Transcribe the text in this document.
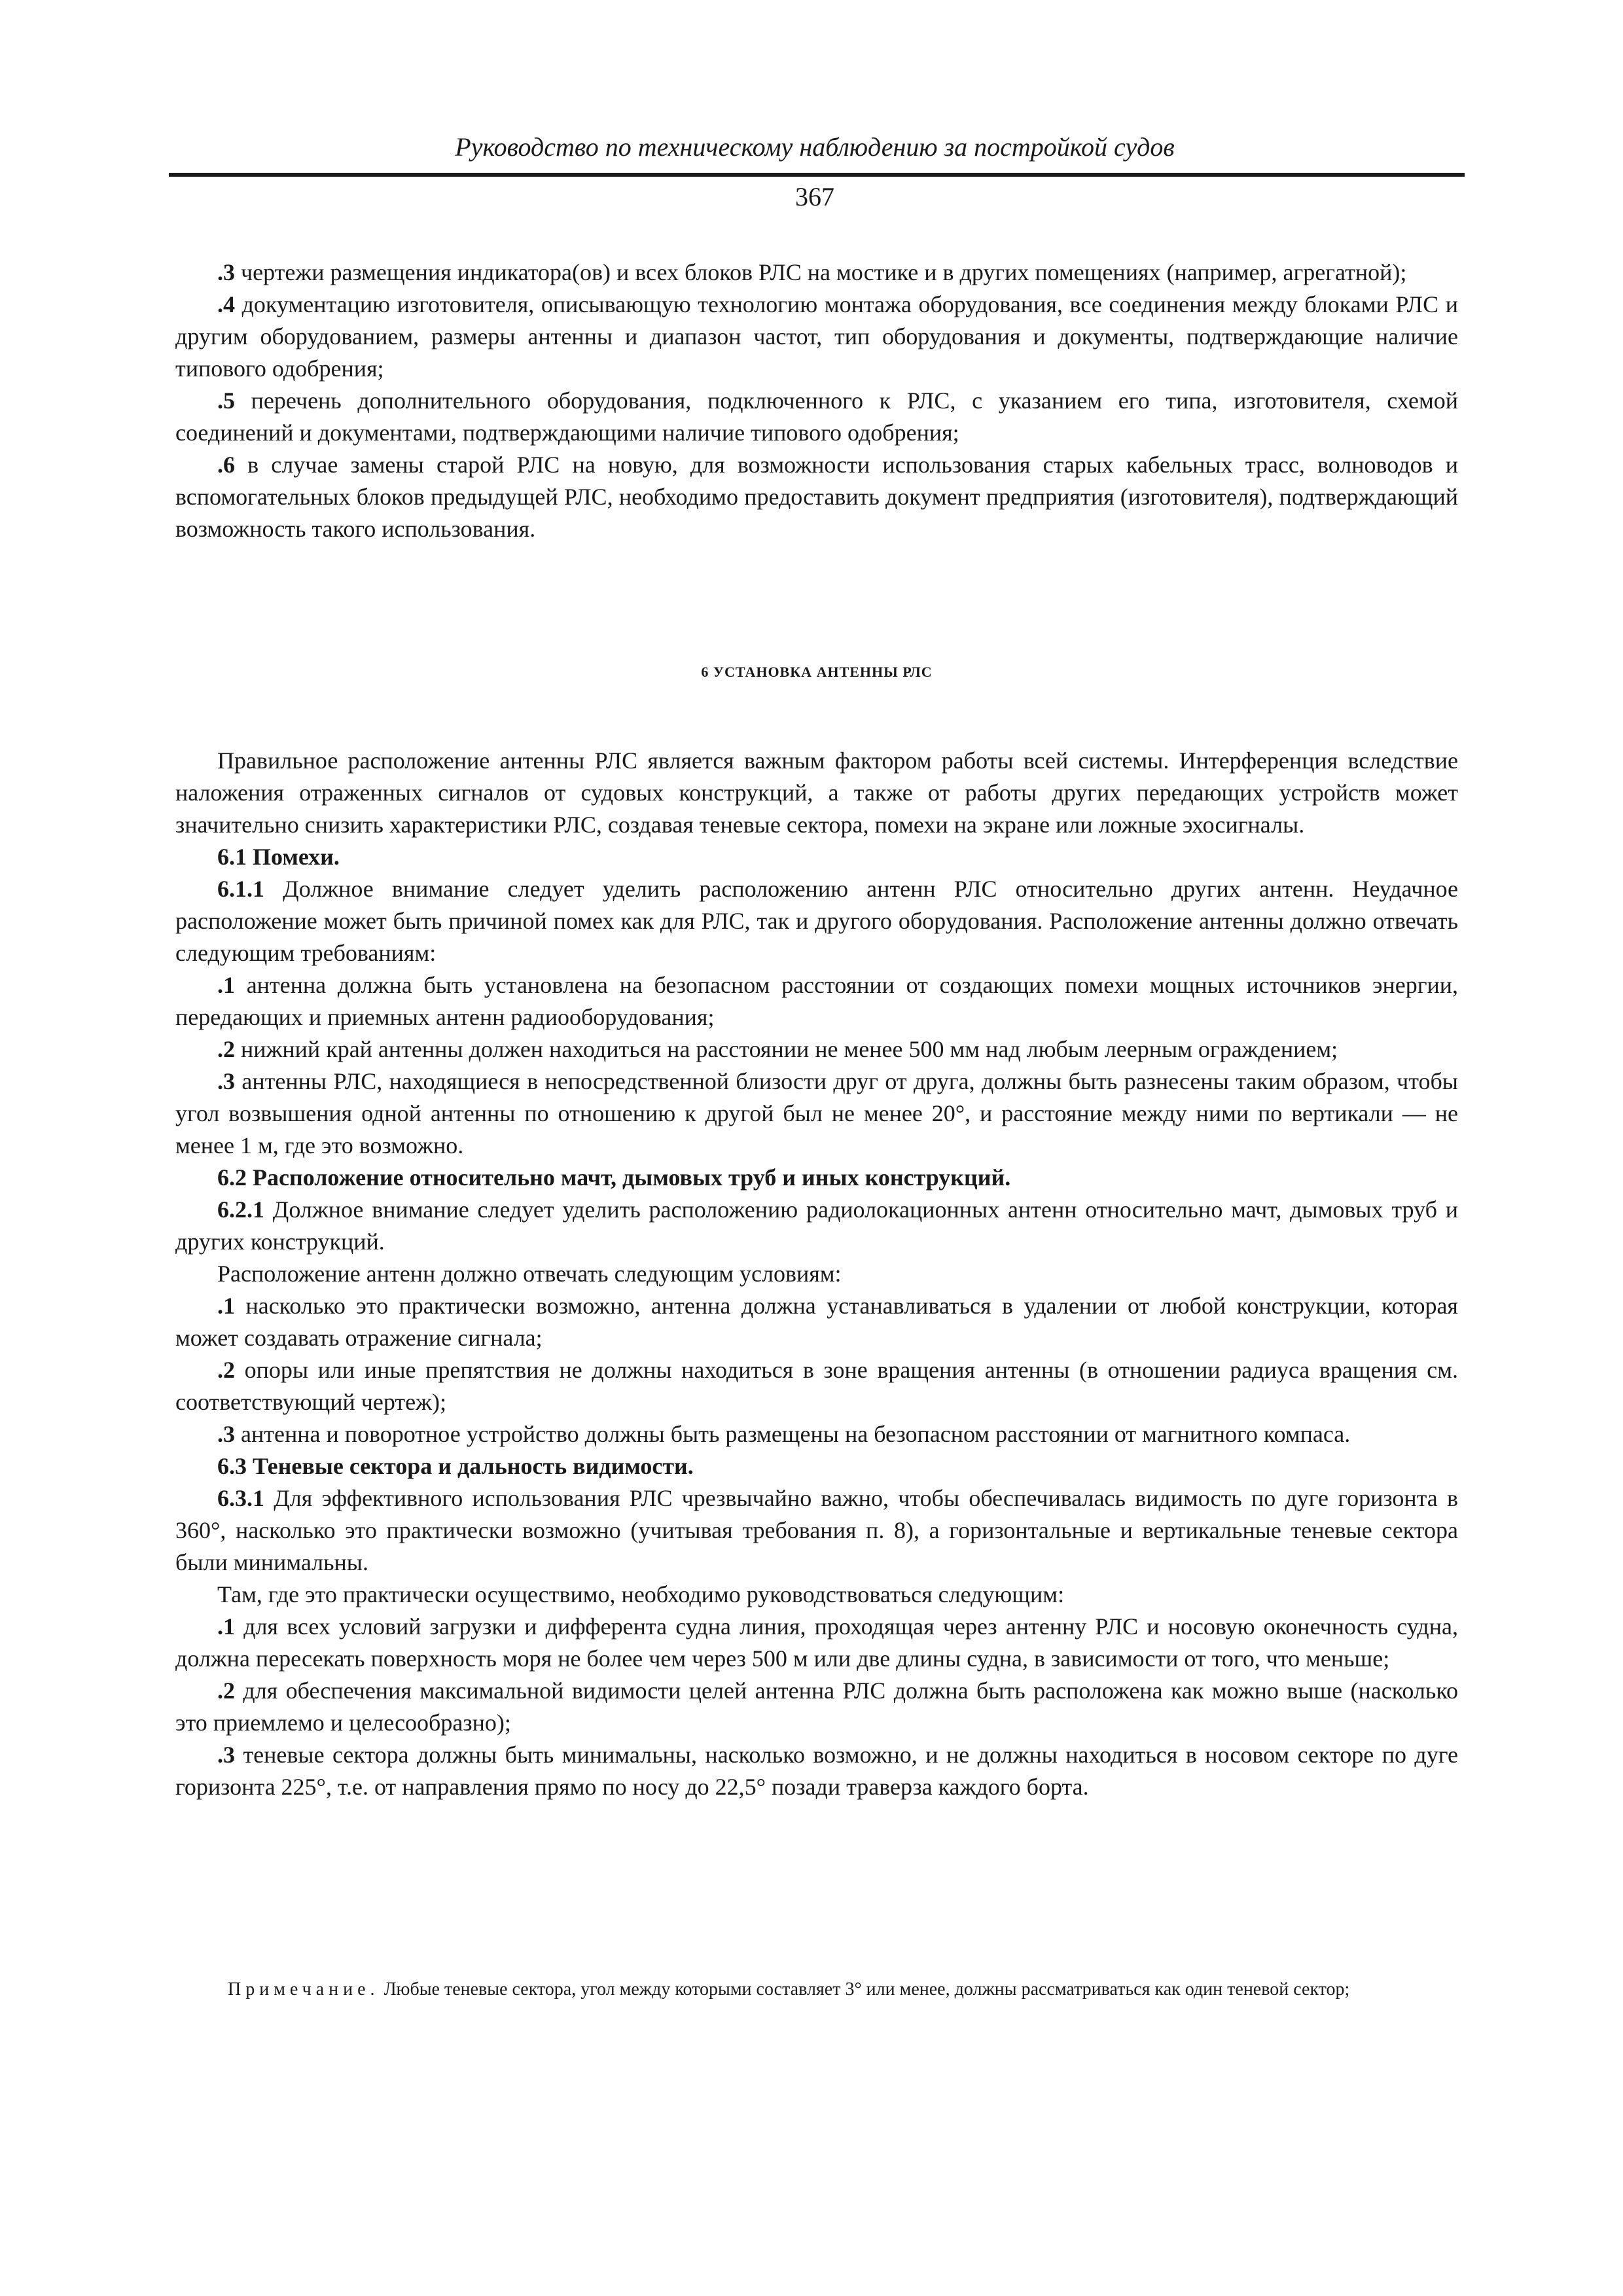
Руководство по техническому наблюдению за постройкой судов
367

.3 чертежи размещения индикатора(ов) и всех блоков РЛС на мостике и в других помещениях (например, агрегатной);

.4 документацию изготовителя, описывающую технологию монтажа оборудования, все соединения между блоками РЛС и другим оборудованием, размеры антенны и диапазон частот, тип оборудования и документы, подтверждающие наличие типового одобрения;

.5 перечень дополнительного оборудования, подключенного к РЛС, с указанием его типа, изготовителя, схемой соединений и документами, подтверждающими наличие типового одобрения;

.6 в случае замены старой РЛС на новую, для возможности использования старых кабельных трасс, волноводов и вспомогательных блоков предыдущей РЛС, необходимо предоставить документ предприятия (изготовителя), подтверждающий возможность такого использования.

6 УСТАНОВКА АНТЕННЫ РЛС

Правильное расположение антенны РЛС является важным фактором работы всей системы. Интерференция вследствие наложения отраженных сигналов от судовых конструкций, а также от работы других передающих устройств может значительно снизить характеристики РЛС, создавая теневые сектора, помехи на экране или ложные эхосигналы.

6.1 Помехи.

6.1.1 Должное внимание следует уделить расположению антенн РЛС относительно других антенн. Неудачное расположение может быть причиной помех как для РЛС, так и другого оборудования. Расположение антенны должно отвечать следующим требованиям:

.1 антенна должна быть установлена на безопасном расстоянии от создающих помехи мощных источников энергии, передающих и приемных антенн радиооборудования;

.2 нижний край антенны должен находиться на расстоянии не менее 500 мм над любым леерным ограждением;

.3 антенны РЛС, находящиеся в непосредственной близости друг от друга, должны быть разнесены таким образом, чтобы угол возвышения одной антенны по отношению к другой был не менее 20°, и расстояние между ними по вертикали — не менее 1 м, где это возможно.

6.2 Расположение относительно мачт, дымовых труб и иных конструкций.

6.2.1 Должное внимание следует уделить расположению радиолокационных антенн относительно мачт, дымовых труб и других конструкций.

Расположение антенн должно отвечать следующим условиям:

.1 насколько это практически возможно, антенна должна устанавливаться в удалении от любой конструкции, которая может создавать отражение сигнала;

.2 опоры или иные препятствия не должны находиться в зоне вращения антенны (в отношении радиуса вращения см. соответствующий чертеж);

.3 антенна и поворотное устройство должны быть размещены на безопасном расстоянии от магнитного компаса.

6.3 Теневые сектора и дальность видимости.

6.3.1 Для эффективного использования РЛС чрезвычайно важно, чтобы обеспечивалась видимость по дуге горизонта в 360°, насколько это практически возможно (учитывая требования п. 8), а горизонтальные и вертикальные теневые сектора были минимальны.

Там, где это практически осуществимо, необходимо руководствоваться следующим:

.1 для всех условий загрузки и дифферента судна линия, проходящая через антенну РЛС и носовую оконечность судна, должна пересекать поверхность моря не более чем через 500 м или две длины судна, в зависимости от того, что меньше;

.2 для обеспечения максимальной видимости целей антенна РЛС должна быть расположена как можно выше (насколько это приемлемо и целесообразно);

.3 теневые сектора должны быть минимальны, насколько возможно, и не должны находиться в носовом секторе по дуге горизонта 225°, т.е. от направления прямо по носу до 22,5° позади траверза каждого борта.

Примечание. Любые теневые сектора, угол между которыми составляет 3° или менее, должны рассматриваться как один теневой сектор;
